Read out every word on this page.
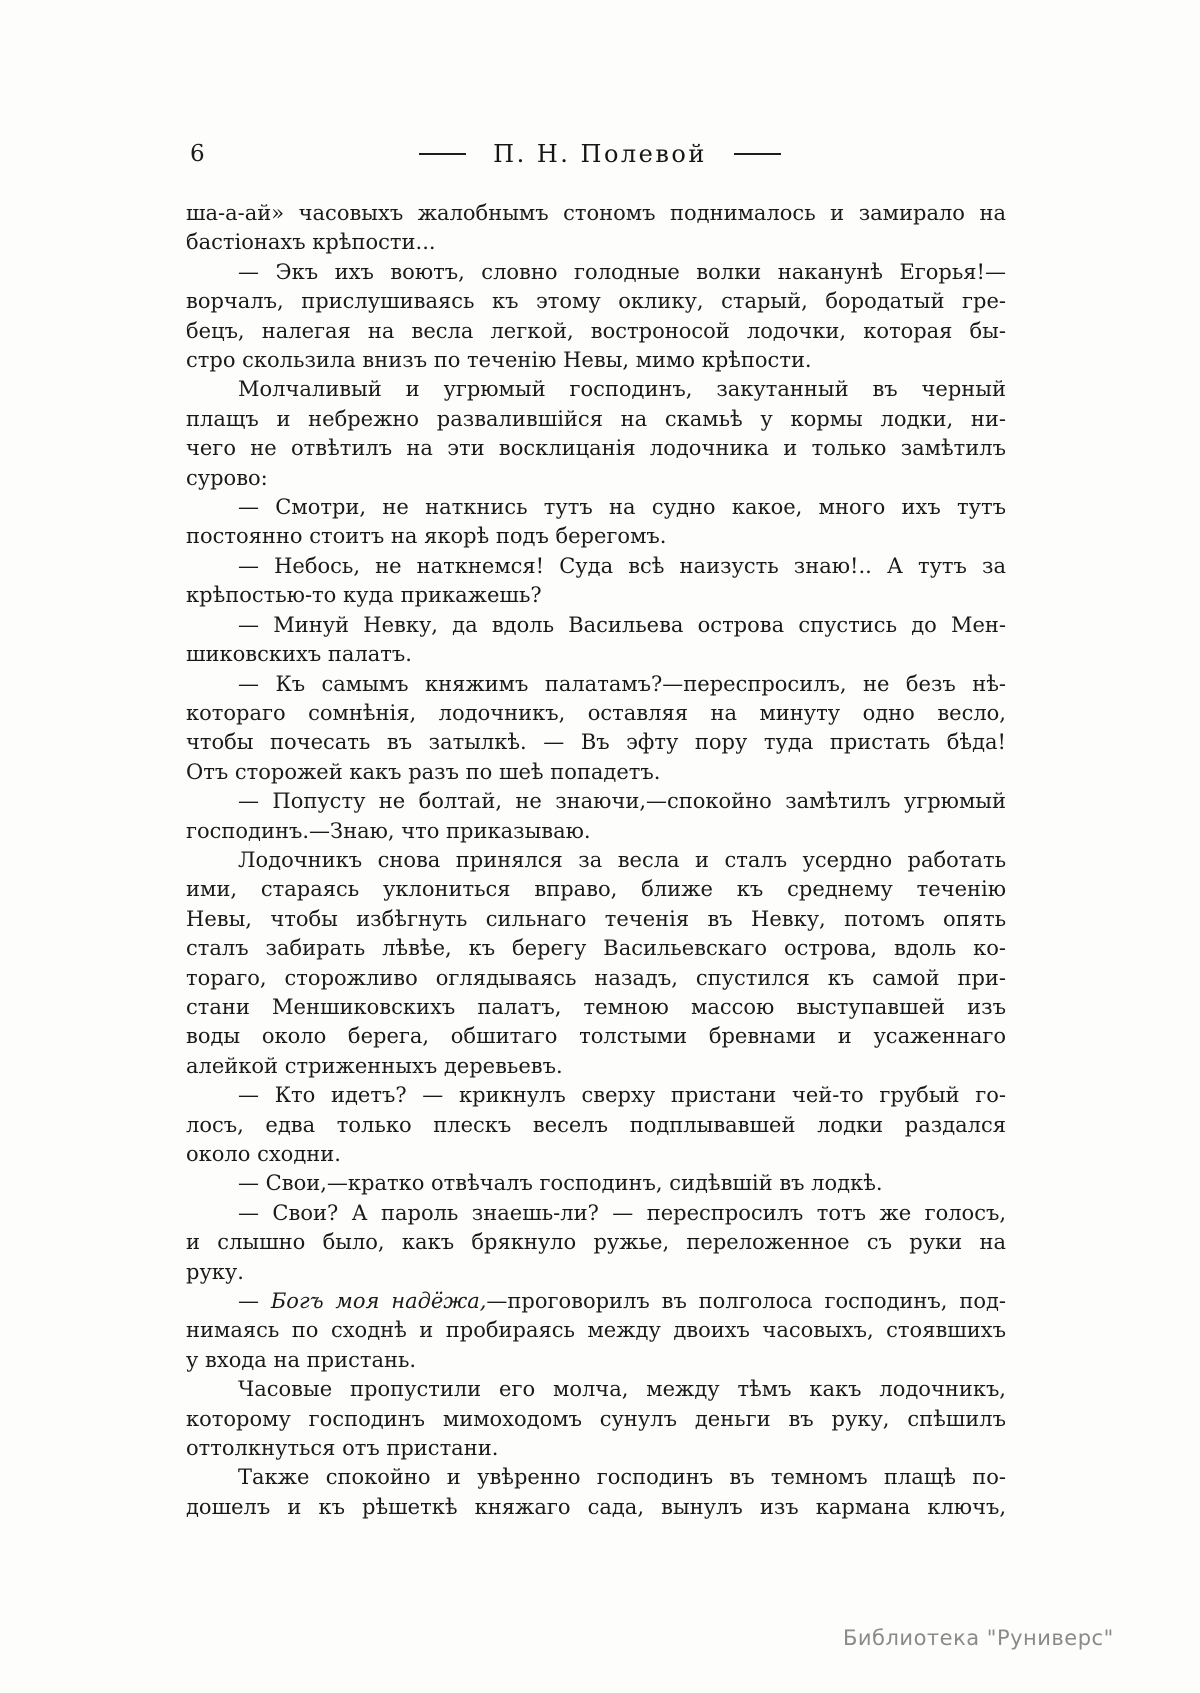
6	П. Н. Полевой
ша-а-ай» часовыхъ жалобнымъ стономъ поднималось и замирало на
бастіонахъ крѣпости...
— Экъ ихъ воютъ, словно голодные волки наканунѣ Егорья!—
ворчалъ, прислушиваясь къ этому оклику, старый, бородатый гре-
бецъ, налегая на весла легкой, востроносой лодочки, которая бы-
стро скользила внизъ по теченію Невы, мимо крѣпости.
Молчаливый и угрюмый господинъ, закутанный въ черный
плащъ и небрежно развалившійся на скамьѣ у кормы лодки, ни-
чего не отвѣтилъ на эти восклицанія лодочника и только замѣтилъ
сурово:
— Смотри, не наткнись тутъ на судно какое, много ихъ тутъ
постоянно стоитъ на якорѣ подъ берегомъ.
— Небось, не наткнемся! Суда всѣ наизусть знаю!.. А тутъ за
крѣпостью-то куда прикажешь?
— Минуй Невку, да вдоль Васильева острова спустись до Мен-
шиковскихъ палатъ.
— Къ самымъ княжимъ палатамъ?—переспросилъ, не безъ нѣ-
котораго сомнѣнія, лодочникъ, оставляя на минуту одно весло,
чтобы почесать въ затылкѣ. — Въ эфту пору туда пристать бѣда!
Отъ сторожей какъ разъ по шеѣ попадетъ.
— Попусту не болтай, не знаючи,—спокойно замѣтилъ угрюмый
господинъ.—Знаю, что приказываю.
Лодочникъ снова принялся за весла и сталъ усердно работать
ими, стараясь уклониться вправо, ближе къ среднему теченію
Невы, чтобы избѣгнуть сильнаго теченія въ Невку, потомъ опять
сталъ забирать лѣвѣе, къ берегу Васильевскаго острова, вдоль ко-
тораго, сторожливо оглядываясь назадъ, спустился къ самой при-
стани Меншиковскихъ палатъ, темною массою выступавшей изъ
воды около берега, обшитаго толстыми бревнами и усаженнаго
алейкой стриженныхъ деревьевъ.
— Кто идетъ? — крикнулъ сверху пристани чей-то грубый го-
лосъ, едва только плескъ веселъ подплывавшей лодки раздался
около сходни.
— Свои,—кратко отвѣчалъ господинъ, сидѣвшій въ лодкѣ.
— Свои? А пароль знаешь-ли? — переспросилъ тотъ же голосъ,
и слышно было, какъ брякнуло ружье, переложенное съ руки на
руку.
— Богъ моя надёжа,—проговорилъ въ полголоса господинъ, под-
нимаясь по сходнѣ и пробираясь между двоихъ часовыхъ, стоявшихъ
у входа на пристань.
Часовые пропустили его молча, между тѣмъ какъ лодочникъ,
которому господинъ мимоходомъ сунулъ деньги въ руку, спѣшилъ
оттолкнуться отъ пристани.
Также спокойно и увѣренно господинъ въ темномъ плащѣ по-
дошелъ и къ рѣшеткѣ княжаго сада, вынулъ изъ кармана ключъ,
Библиотека "Руниверс"
